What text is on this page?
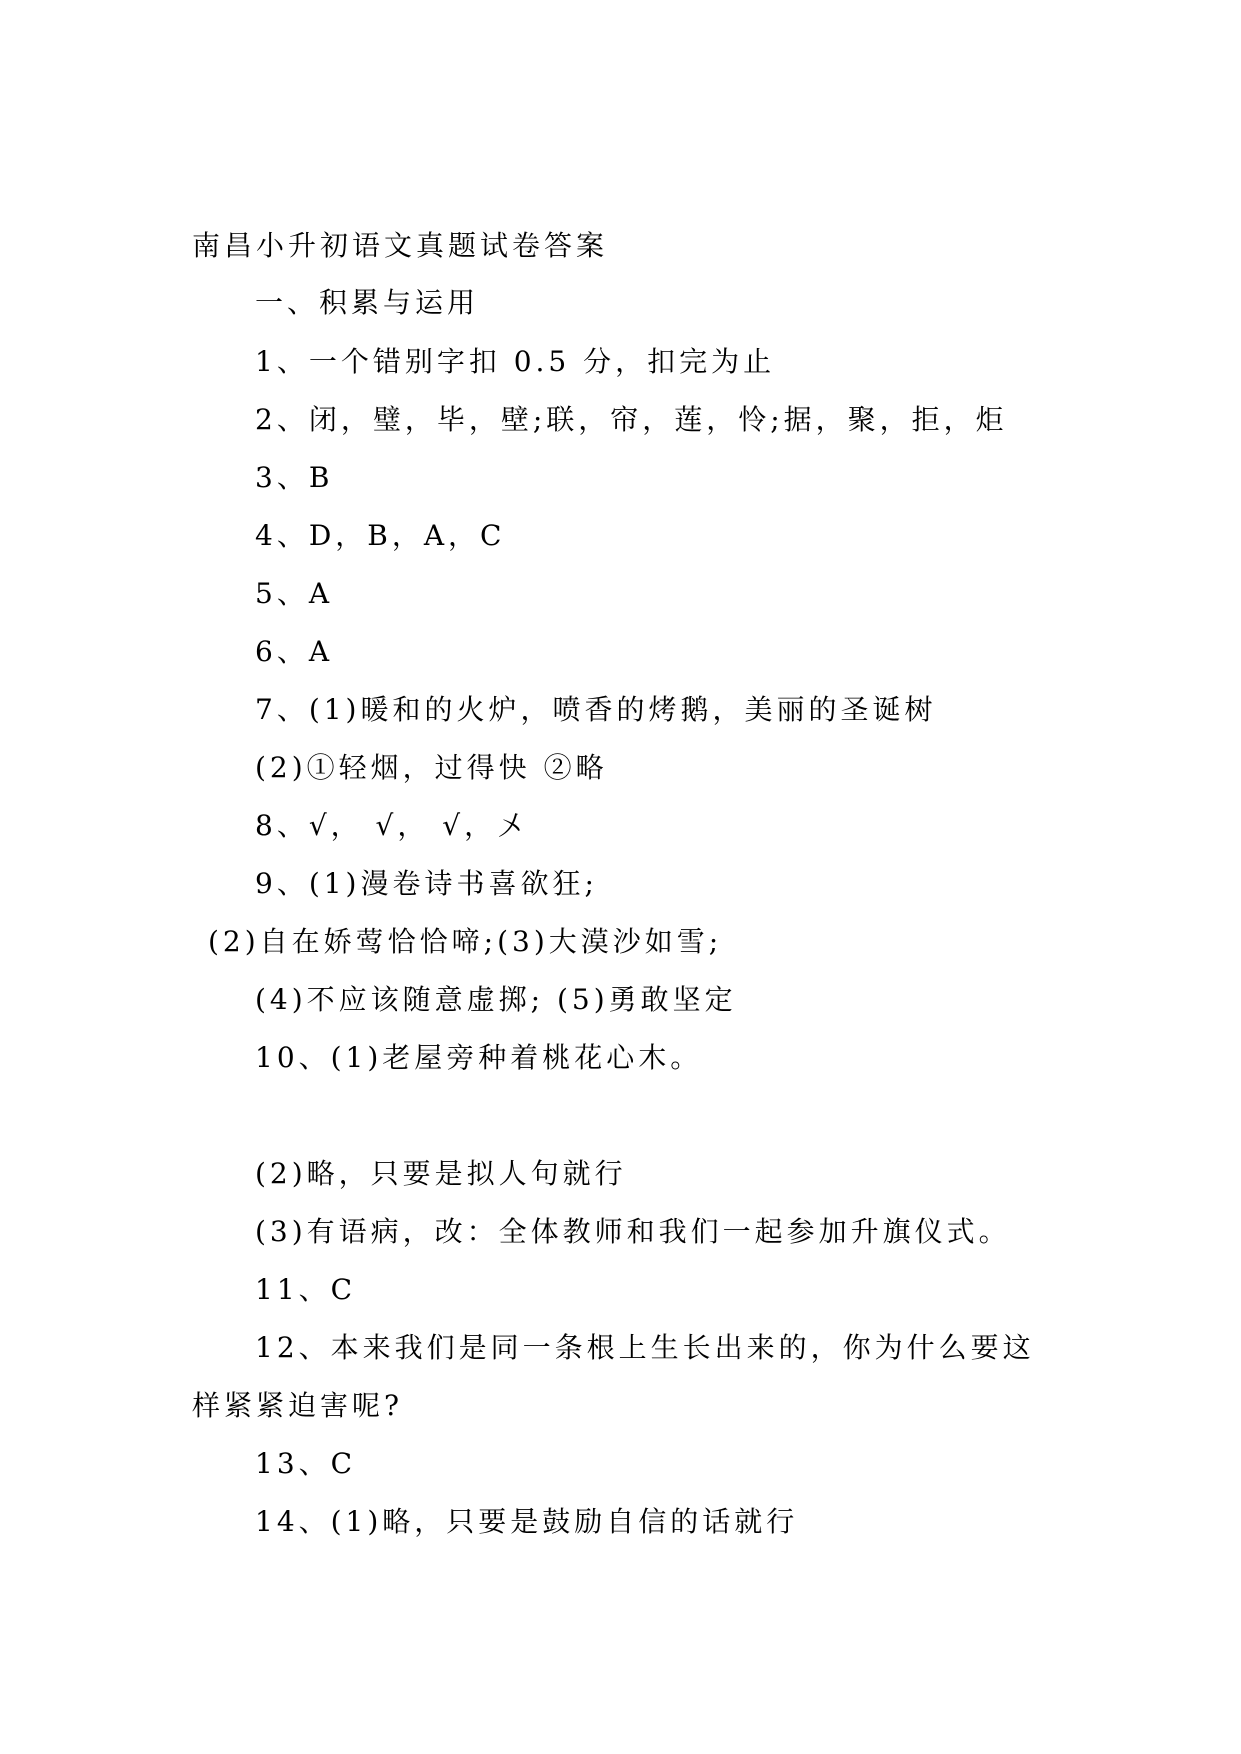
南昌小升初语文真题试卷答案
一、积累与运用
1、一个错别字扣 0.5 分，扣完为止
2、闭，璧，毕，壁;联，帘，莲，怜;据，聚，拒，炬
3、B
4、D，B，A，C
5、A
6、A
7、(1)暖和的火炉，喷香的烤鹅，美丽的圣诞树
(2)①轻烟，过得快 ②略
8、√， √， √，〤
9、(1)漫卷诗书喜欲狂;
(2)自在娇莺恰恰啼;(3)大漠沙如雪;
(4)不应该随意虚掷; (5)勇敢坚定
10、(1)老屋旁种着桃花心木。
(2)略，只要是拟人句就行
(3)有语病，改：全体教师和我们一起参加升旗仪式。
11、C
12、本来我们是同一条根上生长出来的，你为什么要这
样紧紧迫害呢?
13、C
14、(1)略，只要是鼓励自信的话就行
